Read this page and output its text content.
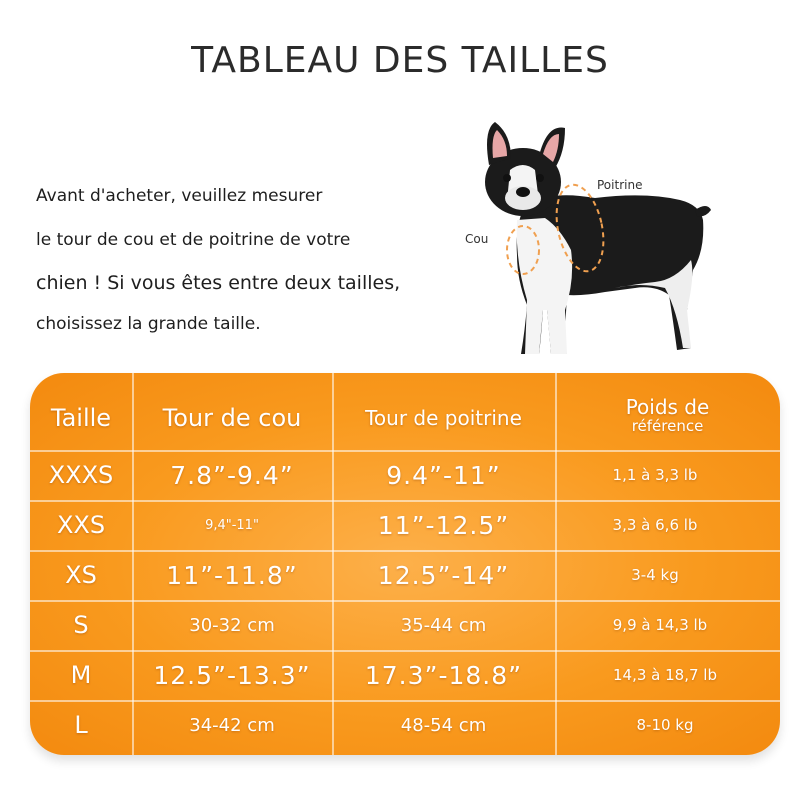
TABLEAU DES TAILLES
Avant d'acheter, veuillez mesurer
le tour de cou et de poitrine de votre
chien ! Si vous êtes entre deux tailles,
choisissez la grande taille.
Poitrine
Cou
Taille	Tour de cou	Tour de poitrine	Poids de
référence
XXXS	7.8”-9.4”	9.4”-11”	1,1 à 3,3 lb
XXS	9,4"-11"	11”-12.5”	3,3 à 6,6 lb
XS	11”-11.8”	12.5”-14”	3-4 kg
S	30-32 cm	35-44 cm	9,9 à 14,3 lb
M	12.5”-13.3”	17.3”-18.8”	14,3 à 18,7 lb
L	34-42 cm	48-54 cm	8-10 kg
